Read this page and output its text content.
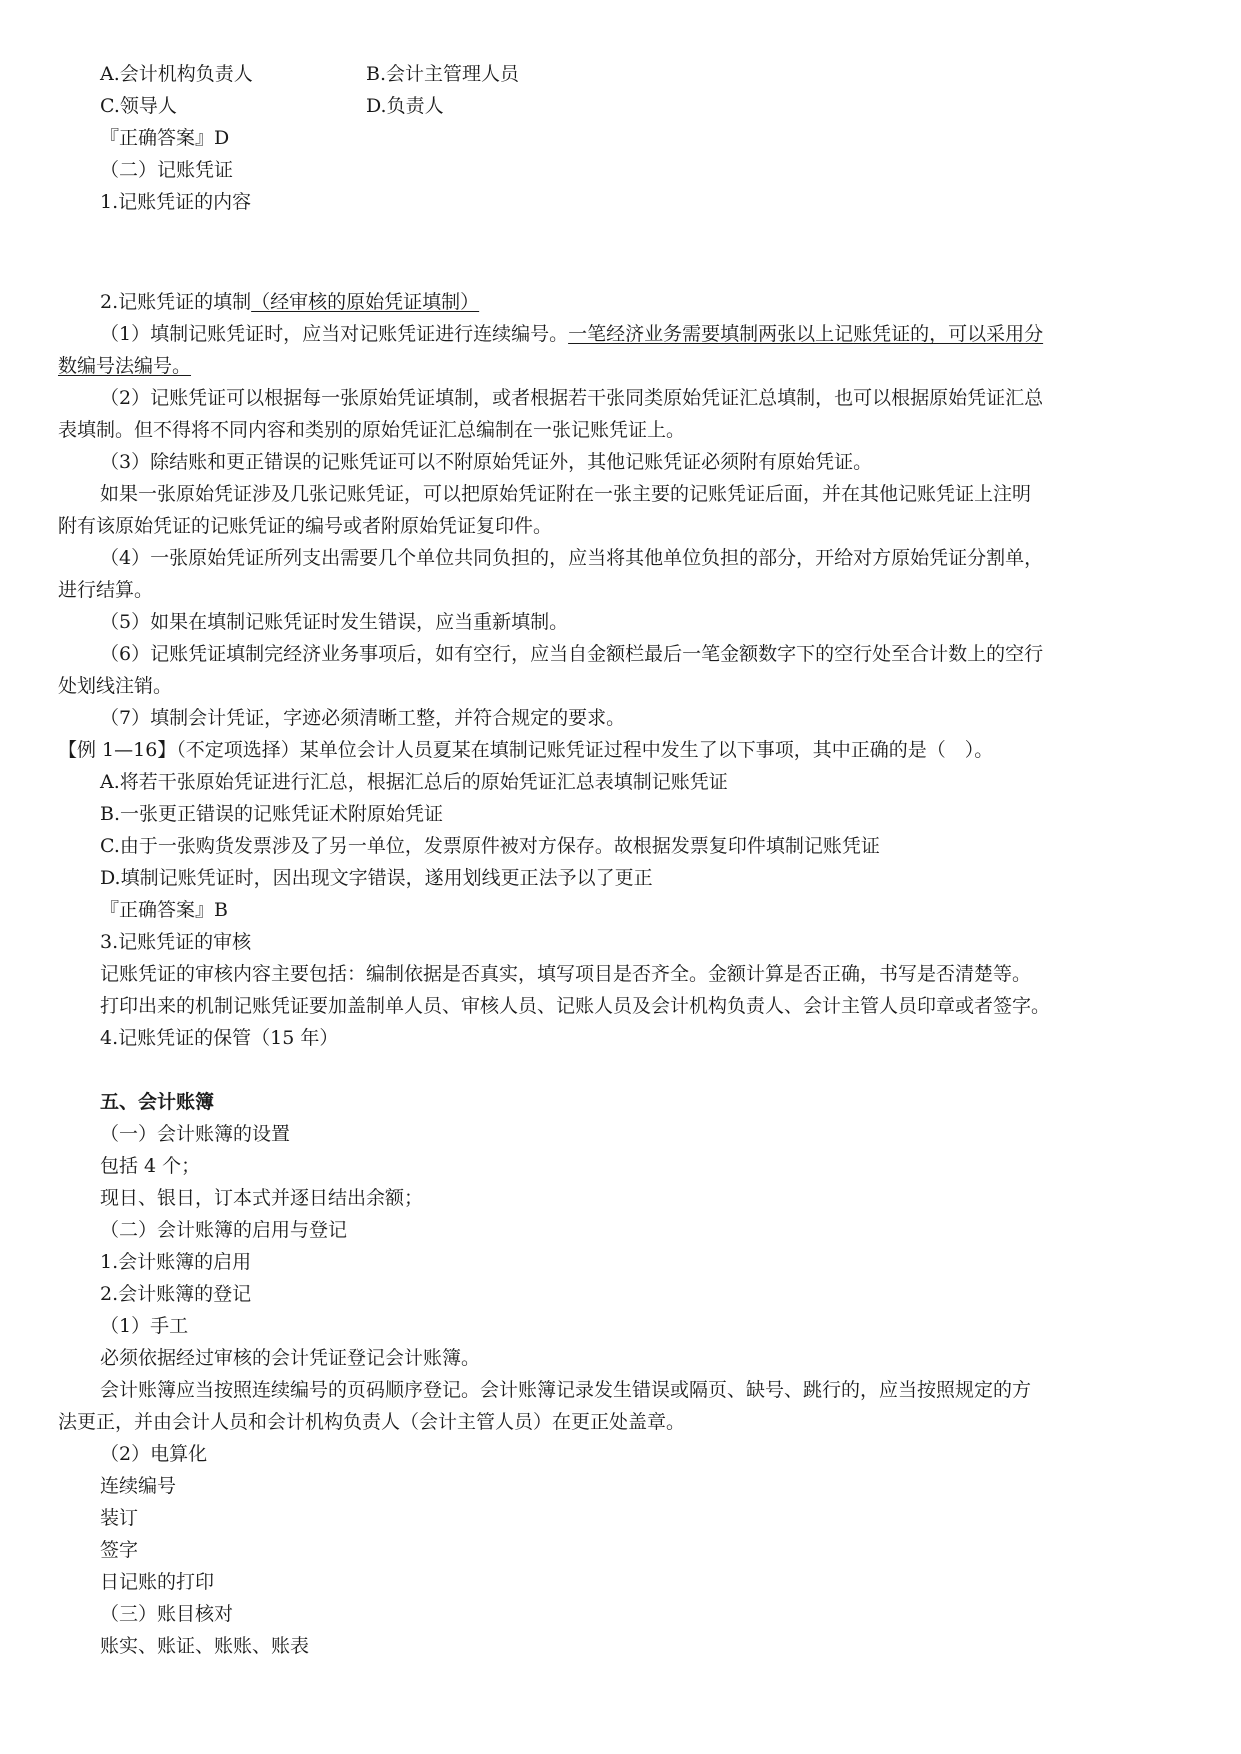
A.会计机构负责人	B.会计主管理人员
C.领导人	D.负责人
『正确答案』D
（二）记账凭证
1.记账凭证的内容
2.记账凭证的填制（经审核的原始凭证填制）
（1）填制记账凭证时，应当对记账凭证进行连续编号。一笔经济业务需要填制两张以上记账凭证的，可以采用分
数编号法编号。
（2）记账凭证可以根据每一张原始凭证填制，或者根据若干张同类原始凭证汇总填制，也可以根据原始凭证汇总
表填制。但不得将不同内容和类别的原始凭证汇总编制在一张记账凭证上。
（3）除结账和更正错误的记账凭证可以不附原始凭证外，其他记账凭证必须附有原始凭证。
如果一张原始凭证涉及几张记账凭证，可以把原始凭证附在一张主要的记账凭证后面，并在其他记账凭证上注明
附有该原始凭证的记账凭证的编号或者附原始凭证复印件。
（4）一张原始凭证所列支出需要几个单位共同负担的，应当将其他单位负担的部分，开给对方原始凭证分割单，
进行结算。
（5）如果在填制记账凭证时发生错误，应当重新填制。
（6）记账凭证填制完经济业务事项后，如有空行，应当自金额栏最后一笔金额数字下的空行处至合计数上的空行
处划线注销。
（7）填制会计凭证，字迹必须清晰工整，并符合规定的要求。
【例 1—16】（不定项选择）某单位会计人员夏某在填制记账凭证过程中发生了以下事项，其中正确的是（　）。
A.将若干张原始凭证进行汇总，根据汇总后的原始凭证汇总表填制记账凭证
B.一张更正错误的记账凭证术附原始凭证
C.由于一张购货发票涉及了另一单位，发票原件被对方保存。故根据发票复印件填制记账凭证
D.填制记账凭证时，因出现文字错误，遂用划线更正法予以了更正
『正确答案』B
3.记账凭证的审核
记账凭证的审核内容主要包括：编制依据是否真实，填写项目是否齐全。金额计算是否正确，书写是否清楚等。
打印出来的机制记账凭证要加盖制单人员、审核人员、记账人员及会计机构负责人、会计主管人员印章或者签字。
4.记账凭证的保管（15 年）
五、会计账簿
（一）会计账簿的设置
包括 4 个；
现日、银日，订本式并逐日结出余额；
（二）会计账簿的启用与登记
1.会计账簿的启用
2.会计账簿的登记
（1）手工
必须依据经过审核的会计凭证登记会计账簿。
会计账簿应当按照连续编号的页码顺序登记。会计账簿记录发生错误或隔页、缺号、跳行的，应当按照规定的方
法更正，并由会计人员和会计机构负责人（会计主管人员）在更正处盖章。
（2）电算化
连续编号
装订
签字
日记账的打印
（三）账目核对
账实、账证、账账、账表
